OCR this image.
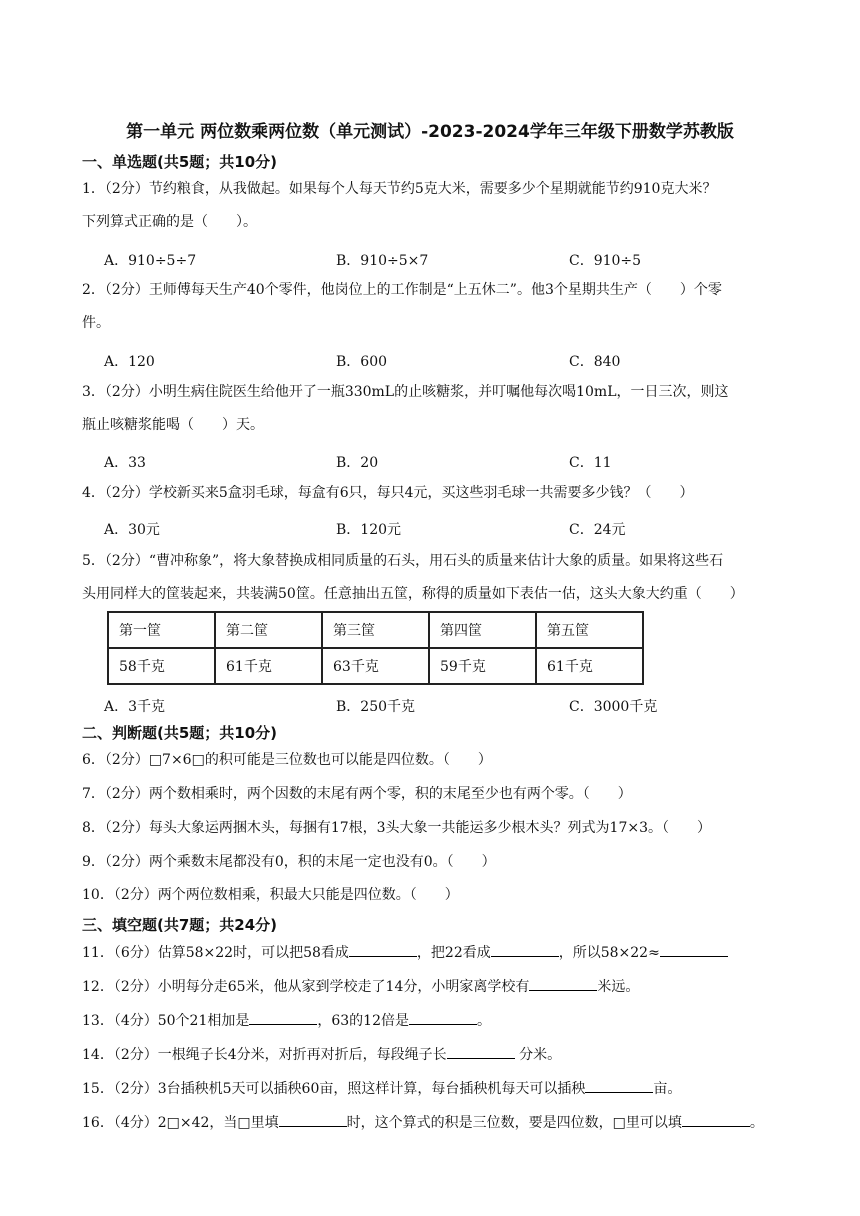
第一单元 两位数乘两位数（单元测试）-2023-2024学年三年级下册数学苏教版
一、单选题(共5题；共10分)
1．（2分）节约粮食，从我做起。如果每个人每天节约5克大米，需要多少个星期就能节约910克大米？
下列算式正确的是（　　）。
A．910÷5÷7	B．910÷5×7	C．910÷5
2．（2分）王师傅每天生产40个零件，他岗位上的工作制是“上五休二”。他3个星期共生产（　　）个零
件。
A．120	B．600	C．840
3．（2分）小明生病住院医生给他开了一瓶330mL的止咳糖浆，并叮嘱他每次喝10mL，一日三次，则这
瓶止咳糖浆能喝（　　）天。
A．33	B．20	C．11
4．（2分）学校新买来5盒羽毛球，每盒有6只，每只4元，买这些羽毛球一共需要多少钱？（　　）
A．30元	B．120元	C．24元
5．（2分）“曹冲称象”，将大象替换成相同质量的石头，用石头的质量来估计大象的质量。如果将这些石
头用同样大的筐装起来，共装满50筐。任意抽出五筐，称得的质量如下表估一估，这头大象大约重（　　）
第一筐	第二筐	第三筐	第四筐	第五筐
58千克	61千克	63千克	59千克	61千克
A．3千克	B．250千克	C．3000千克
二、判断题(共5题；共10分)
6．（2分）□7×6□的积可能是三位数也可以能是四位数。（　　）
7．（2分）两个数相乘时，两个因数的末尾有两个零，积的末尾至少也有两个零。（　　）
8．（2分）每头大象运两捆木头，每捆有17根，3头大象一共能运多少根木头？列式为17×3。（　　）
9．（2分）两个乘数末尾都没有0，积的末尾一定也没有0。（　　）
10．（2分）两个两位数相乘，积最大只能是四位数。（　　）
三、填空题(共7题；共24分)
11．（6分）估算58×22时，可以把58看成	，把22看成	，所以58×22≈
12．（2分）小明每分走65米，他从家到学校走了14分，小明家离学校有	米远。
13．（4分）50个21相加是	，63的12倍是	。
14．（2分）一根绳子长4分米，对折再对折后，每段绳子长	分米。
15．（2分）3台插秧机5天可以插秧60亩，照这样计算，每台插秧机每天可以插秧	亩。
16．（4分）2□×42，当□里填	时，这个算式的积是三位数，要是四位数，□里可以填	。
